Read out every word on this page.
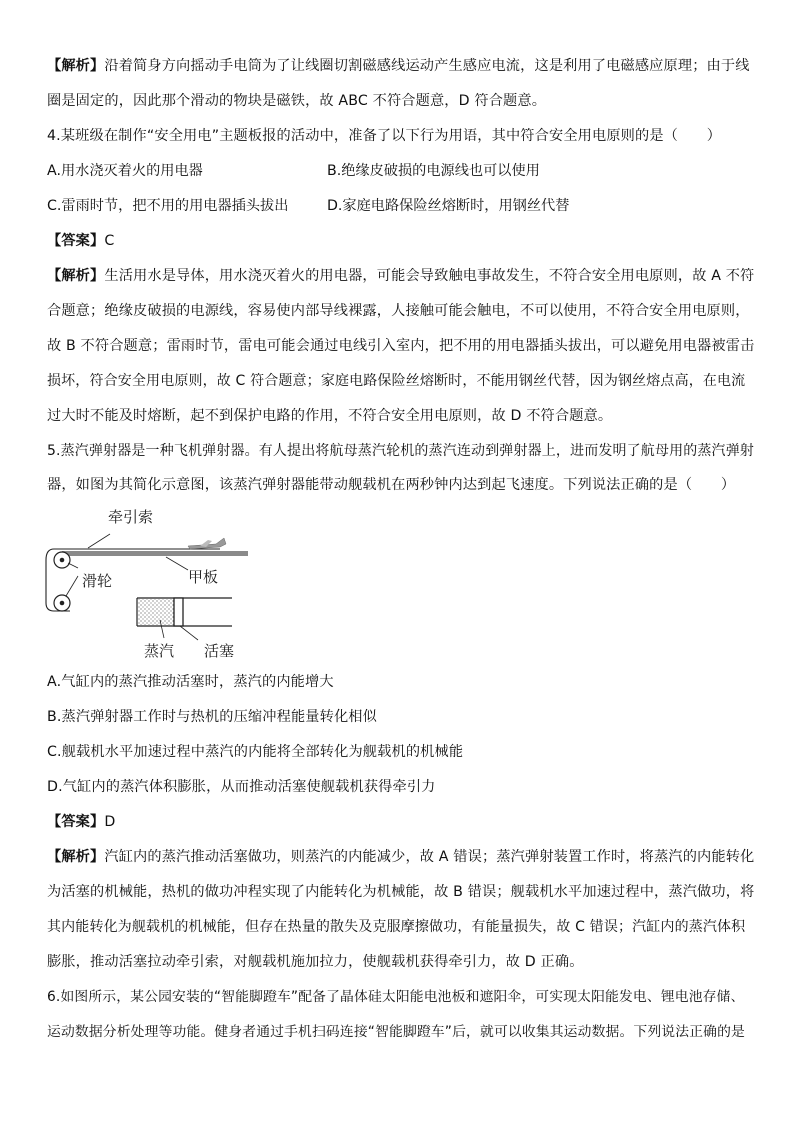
【解析】沿着简身方向摇动手电筒为了让线圈切割磁感线运动产生感应电流，这是利用了电磁感应原理；由于线
圈是固定的，因此那个滑动的物块是磁铁，故 ABC 不符合题意，D 符合题意。
4.某班级在制作“安全用电”主题板报的活动中，准备了以下行为用语，其中符合安全用电原则的是（　　）
A.用水浇灭着火的用电器	B.绝缘皮破损的电源线也可以使用
C.雷雨时节，把不用的用电器插头拔出	D.家庭电路保险丝熔断时，用钢丝代替
【答案】C
【解析】生活用水是导体，用水浇灭着火的用电器，可能会导致触电事故发生，不符合安全用电原则，故 A 不符
合题意；绝缘皮破损的电源线，容易使内部导线裸露，人接触可能会触电，不可以使用，不符合安全用电原则，
故 B 不符合题意；雷雨时节，雷电可能会通过电线引入室内，把不用的用电器插头拔出，可以避免用电器被雷击
损坏，符合安全用电原则，故 C 符合题意；家庭电路保险丝熔断时，不能用钢丝代替，因为钢丝熔点高，在电流
过大时不能及时熔断，起不到保护电路的作用，不符合安全用电原则，故 D 不符合题意。
5.蒸汽弹射器是一种飞机弹射器。有人提出将航母蒸汽轮机的蒸汽连动到弹射器上，进而发明了航母用的蒸汽弹射
器，如图为其简化示意图，该蒸汽弹射器能带动舰载机在两秒钟内达到起飞速度。下列说法正确的是（　　）
牵引索
滑轮	甲板
蒸汽 活塞
A.气缸内的蒸汽推动活塞时，蒸汽的内能增大
B.蒸汽弹射器工作时与热机的压缩冲程能量转化相似
C.舰载机水平加速过程中蒸汽的内能将全部转化为舰载机的机械能
D.气缸内的蒸汽体积膨胀，从而推动活塞使舰载机获得牵引力
【答案】D
【解析】汽缸内的蒸汽推动活塞做功，则蒸汽的内能减少，故 A 错误；蒸汽弹射装置工作时，将蒸汽的内能转化
为活塞的机械能，热机的做功冲程实现了内能转化为机械能，故 B 错误；舰载机水平加速过程中，蒸汽做功，将
其内能转化为舰载机的机械能，但存在热量的散失及克服摩擦做功，有能量损失，故 C 错误；汽缸内的蒸汽体积
膨胀，推动活塞拉动牵引索，对舰载机施加拉力，使舰载机获得牵引力，故 D 正确。
6.如图所示，某公园安装的“智能脚蹬车”配备了晶体硅太阳能电池板和遮阳伞，可实现太阳能发电、锂电池存储、
运动数据分析处理等功能。健身者通过手机扫码连接“智能脚蹬车”后，就可以收集其运动数据。下列说法正确的是
